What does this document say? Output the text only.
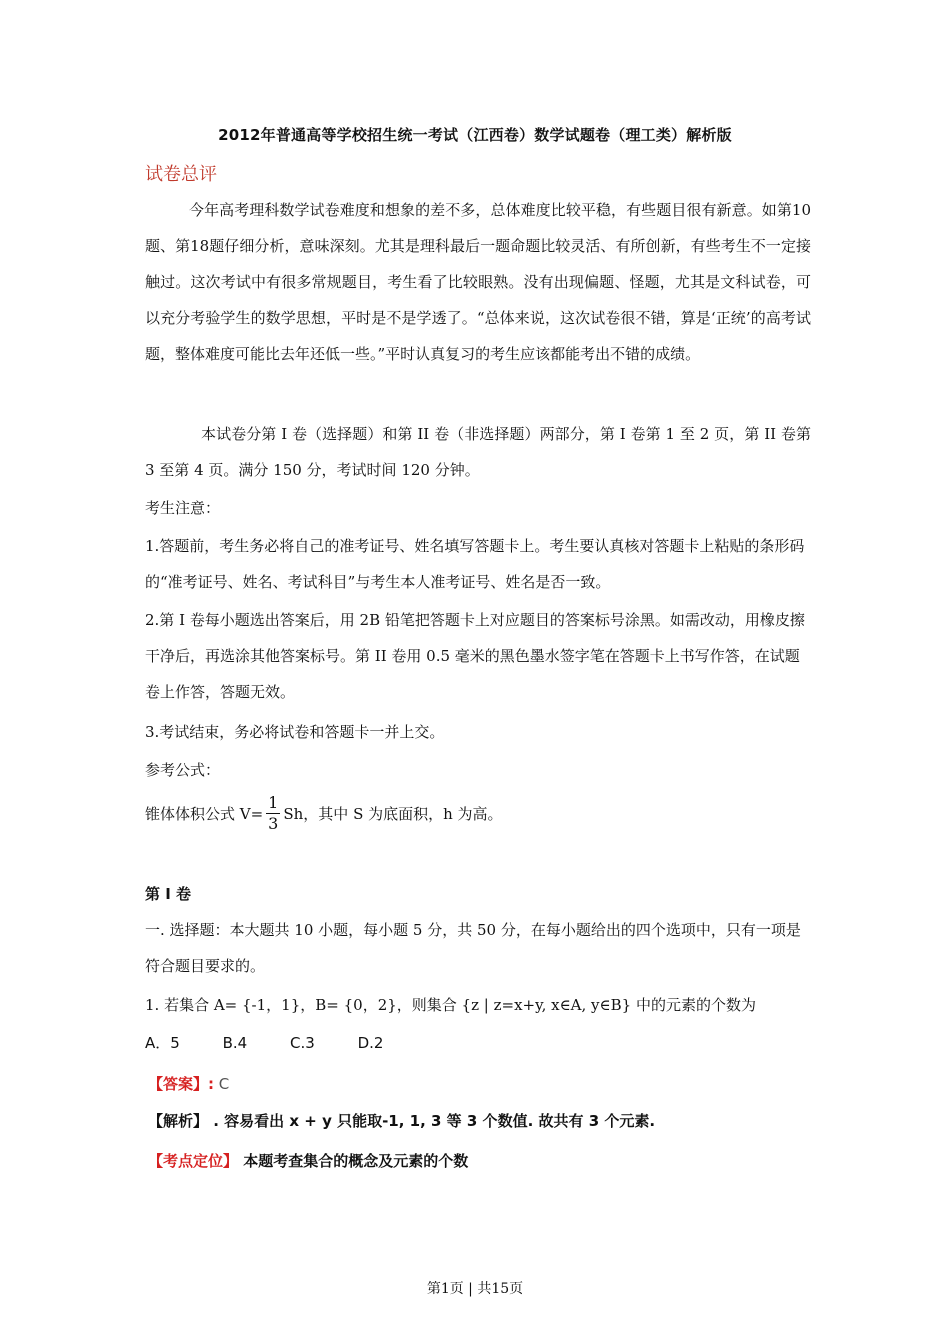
2012年普通高等学校招生统一考试（江西卷）数学试题卷（理工类）解析版
试卷总评
今年高考理科数学试卷难度和想象的差不多，总体难度比较平稳，有些题目很有新意。如第10题、第18题仔细分析，意味深刻。尤其是理科最后一题命题比较灵活、有所创新，有些考生不一定接触过。这次考试中有很多常规题目，考生看了比较眼熟。没有出现偏题、怪题，尤其是文科试卷，可以充分考验学生的数学思想，平时是不是学透了。“总体来说，这次试卷很不错，算是‘正统’的高考试题，整体难度可能比去年还低一些。”平时认真复习的考生应该都能考出不错的成绩。
本试卷分第 I 卷（选择题）和第 II 卷（非选择题）两部分，第 I 卷第 1 至 2 页，第 II 卷第 3 至第 4 页。满分 150 分，考试时间 120 分钟。
考生注意：
1.答题前，考生务必将自己的准考证号、姓名填写答题卡上。考生要认真核对答题卡上粘贴的条形码的“准考证号、姓名、考试科目”与考生本人准考证号、姓名是否一致。
2.第 I 卷每小题选出答案后，用 2B 铅笔把答题卡上对应题目的答案标号涂黑。如需改动，用橡皮擦干净后，再选涂其他答案标号。第 II 卷用 0.5 毫米的黑色墨水签字笔在答题卡上书写作答，在试题卷上作答，答题无效。
3.考试结束，务必将试卷和答题卡一并上交。
参考公式：
锥体体积公式 $V= \frac{1}{3}$ Sh，其中 S 为底面积，h 为高。
第 I 卷
一. 选择题：本大题共 10 小题，每小题 5 分，共 50 分，在每小题给出的四个选项中，只有一项是符合题目要求的。
1. 若集合 A= {-1，1}，B= {0，2}，则集合 {z | z=x+y, x∈A, y∈B} 中的元素的个数为
A．5	B.4	C.3	D.2
【答案】: C
【解析】 . 容易看出 x + y 只能取-1, 1, 3 等 3 个数值. 故共有 3 个元素.
【考点定位】 本题考查集合的概念及元素的个数
第1页 | 共15页
